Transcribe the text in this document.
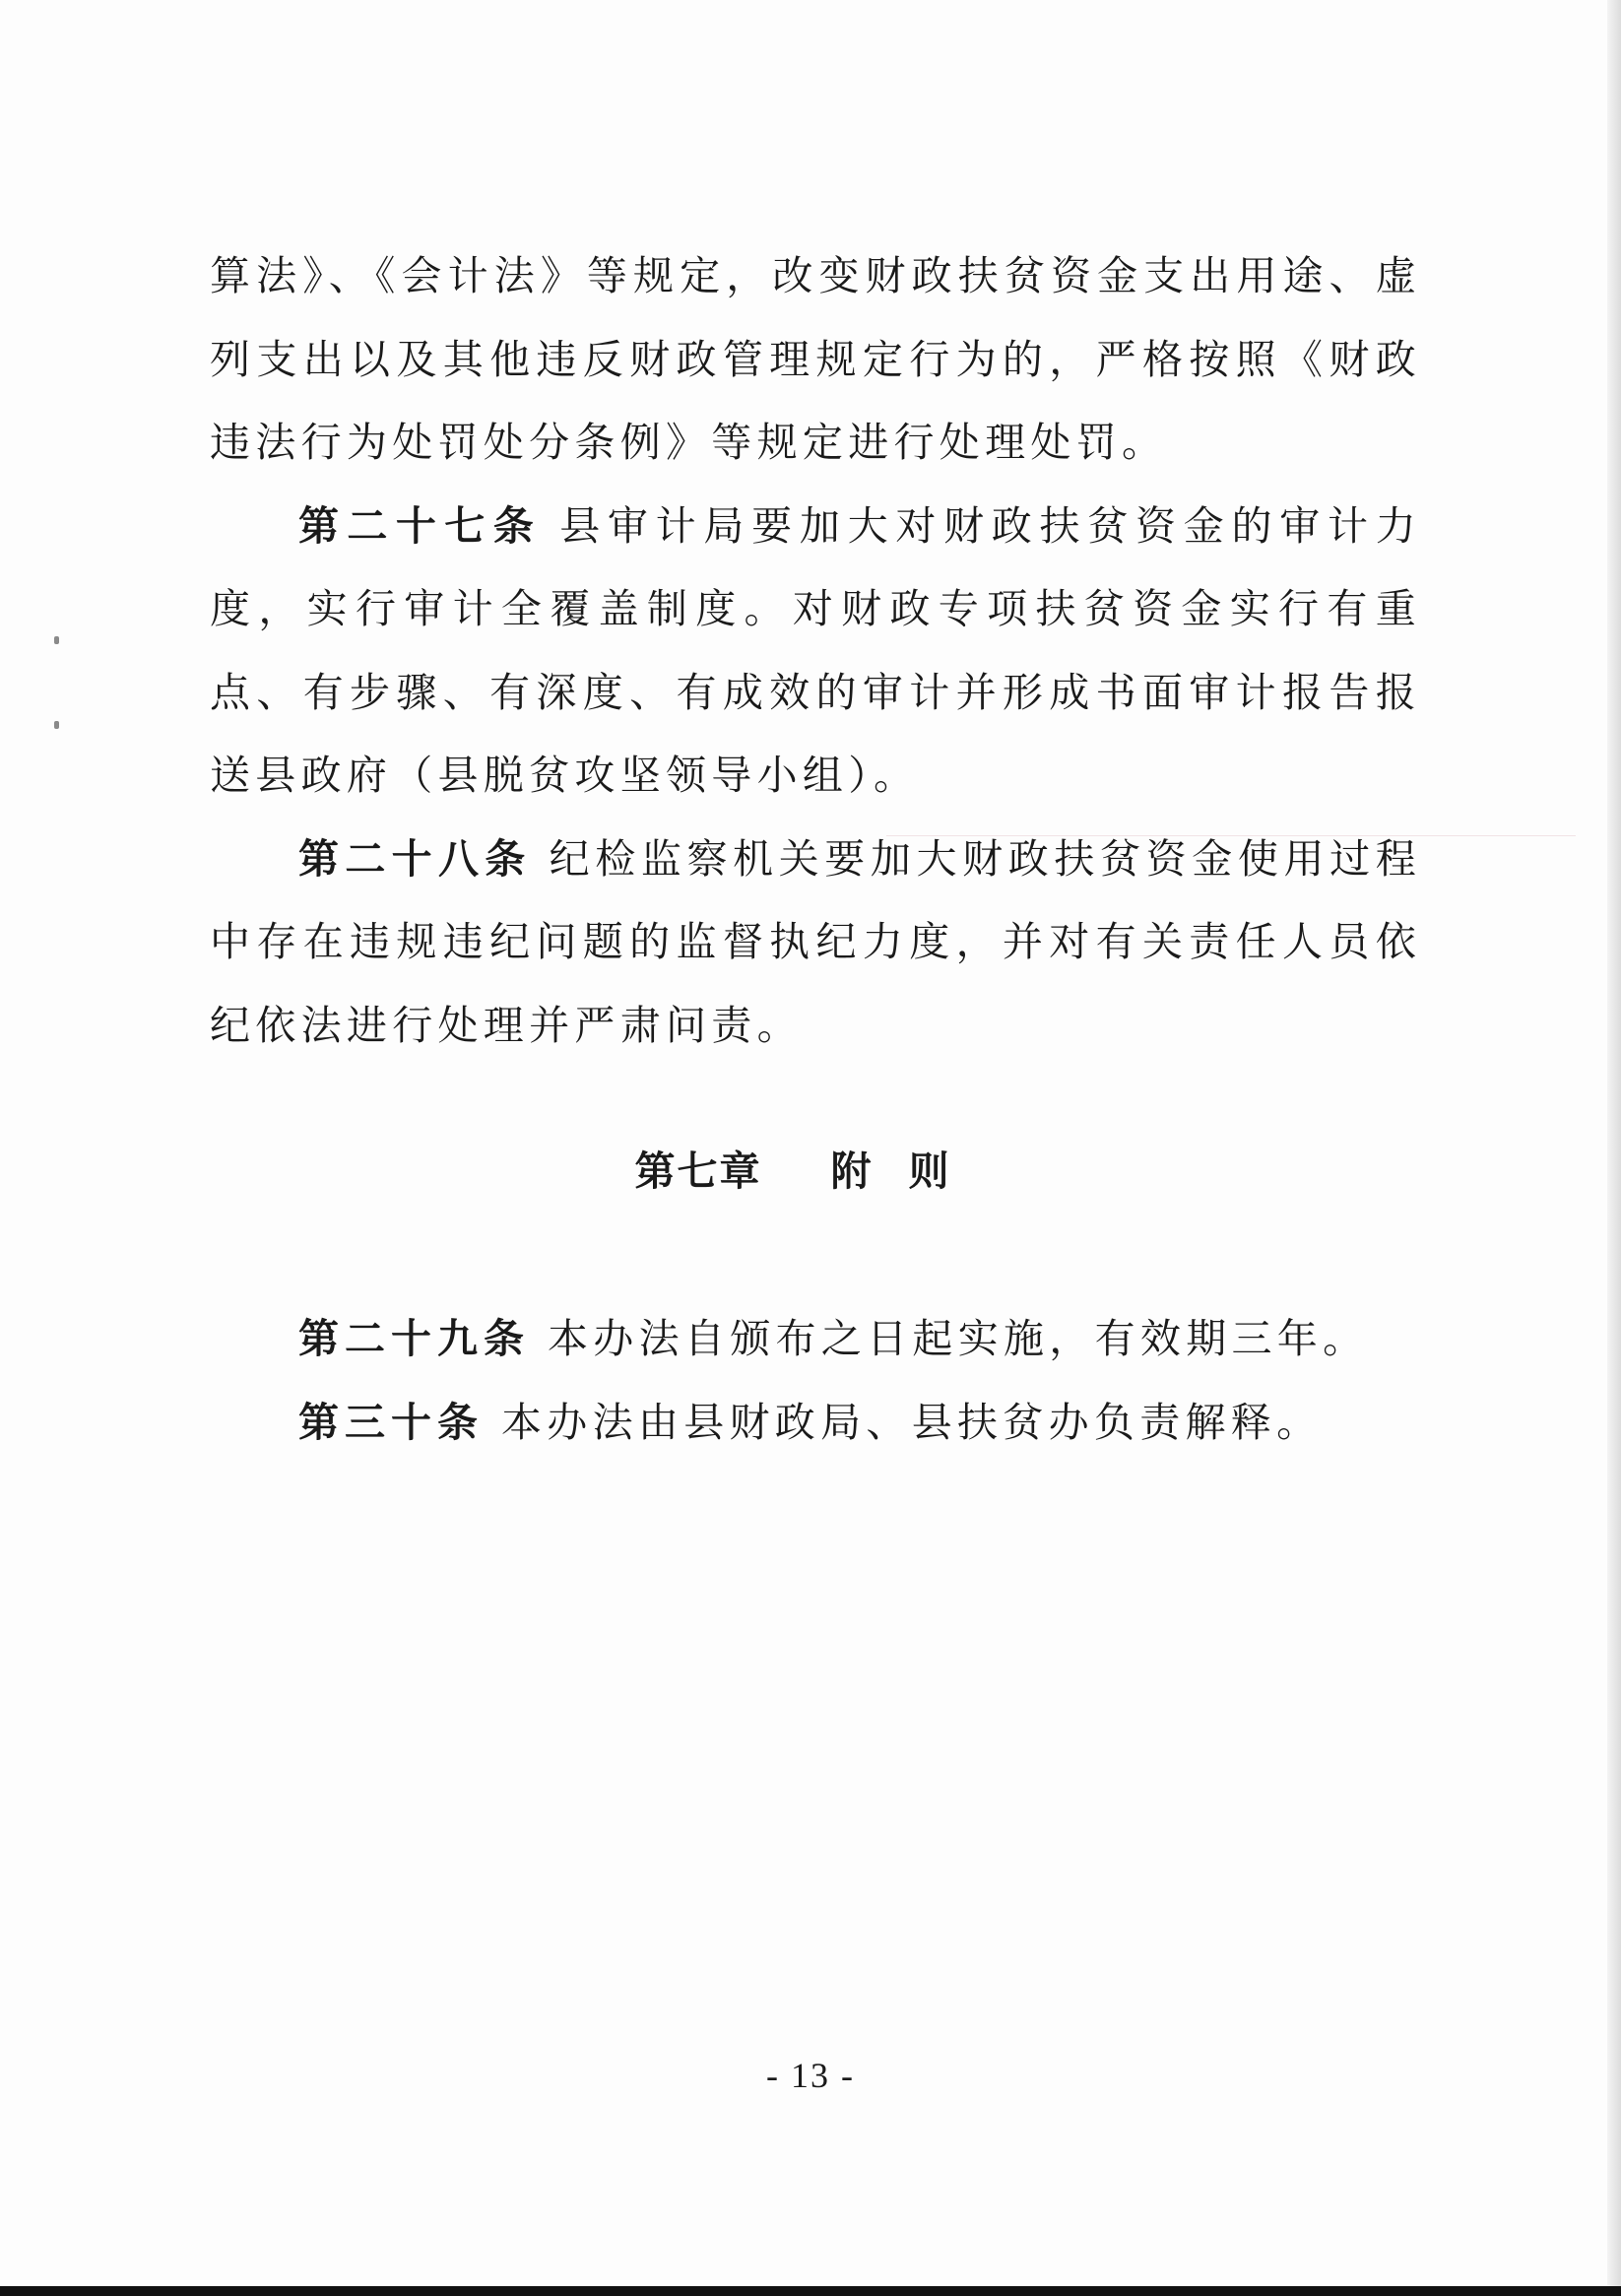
算法》、《会计法》等规定，改变财政扶贫资金支出用途、虚列支出以及其他违反财政管理规定行为的，严格按照《财政违法行为处罚处分条例》等规定进行处理处罚。

第二十七条 县审计局要加大对财政扶贫资金的审计力度，实行审计全覆盖制度。对财政专项扶贫资金实行有重点、有步骤、有深度、有成效的审计并形成书面审计报告报送县政府（县脱贫攻坚领导小组）。

第二十八条 纪检监察机关要加大财政扶贫资金使用过程中存在违规违纪问题的监督执纪力度，并对有关责任人员依纪依法进行处理并严肃问责。

第七章 附则

第二十九条 本办法自颁布之日起实施，有效期三年。

第三十条 本办法由县财政局、县扶贫办负责解释。

- 13 -
